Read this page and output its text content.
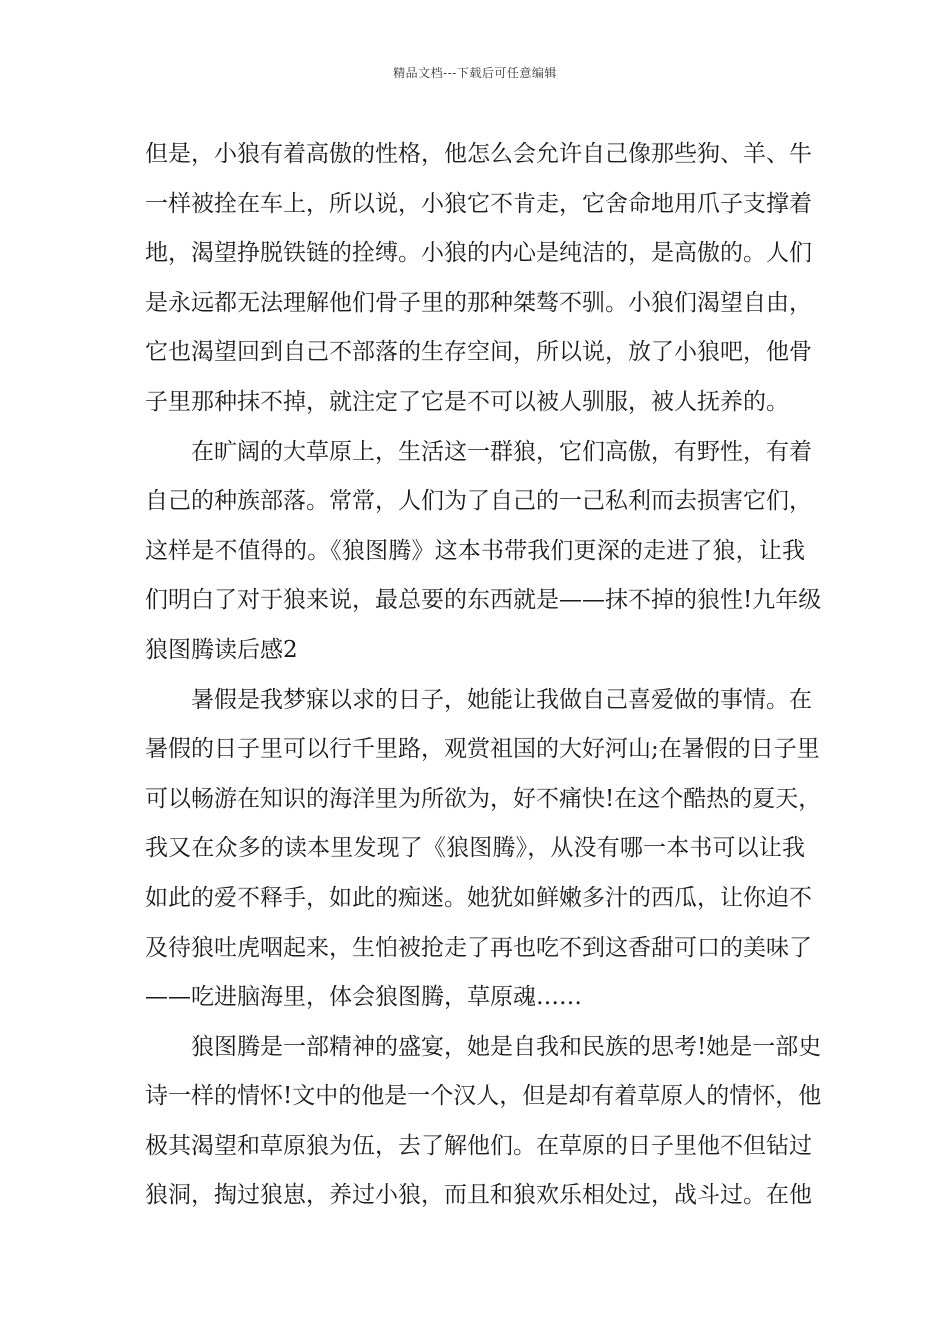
精品文档---下载后可任意编辑
但是，小狼有着高傲的性格，他怎么会允许自己像那些狗、羊、牛
一样被拴在车上，所以说，小狼它不肯走，它舍命地用爪子支撑着
地，渴望挣脱铁链的拴缚。小狼的内心是纯洁的，是高傲的。人们
是永远都无法理解他们骨子里的那种桀骜不驯。小狼们渴望自由，
它也渴望回到自己不部落的生存空间，所以说，放了小狼吧，他骨
子里那种抹不掉，就注定了它是不可以被人驯服，被人抚养的。
在旷阔的大草原上，生活这一群狼，它们高傲，有野性，有着
自己的种族部落。常常，人们为了自己的一己私利而去损害它们，
这样是不值得的。《狼图腾》这本书带我们更深的走进了狼，让我
们明白了对于狼来说，最总要的东西就是——抹不掉的狼性!九年级
狼图腾读后感2
暑假是我梦寐以求的日子，她能让我做自己喜爱做的事情。在
暑假的日子里可以行千里路，观赏祖国的大好河山;在暑假的日子里
可以畅游在知识的海洋里为所欲为，好不痛快!在这个酷热的夏天，
我又在众多的读本里发现了《狼图腾》，从没有哪一本书可以让我
如此的爱不释手，如此的痴迷。她犹如鲜嫩多汁的西瓜，让你迫不
及待狼吐虎咽起来，生怕被抢走了再也吃不到这香甜可口的美味了
——吃进脑海里，体会狼图腾，草原魂……
狼图腾是一部精神的盛宴，她是自我和民族的思考!她是一部史
诗一样的情怀!文中的他是一个汉人，但是却有着草原人的情怀，他
极其渴望和草原狼为伍，去了解他们。在草原的日子里他不但钻过
狼洞，掏过狼崽，养过小狼，而且和狼欢乐相处过，战斗过。在他
